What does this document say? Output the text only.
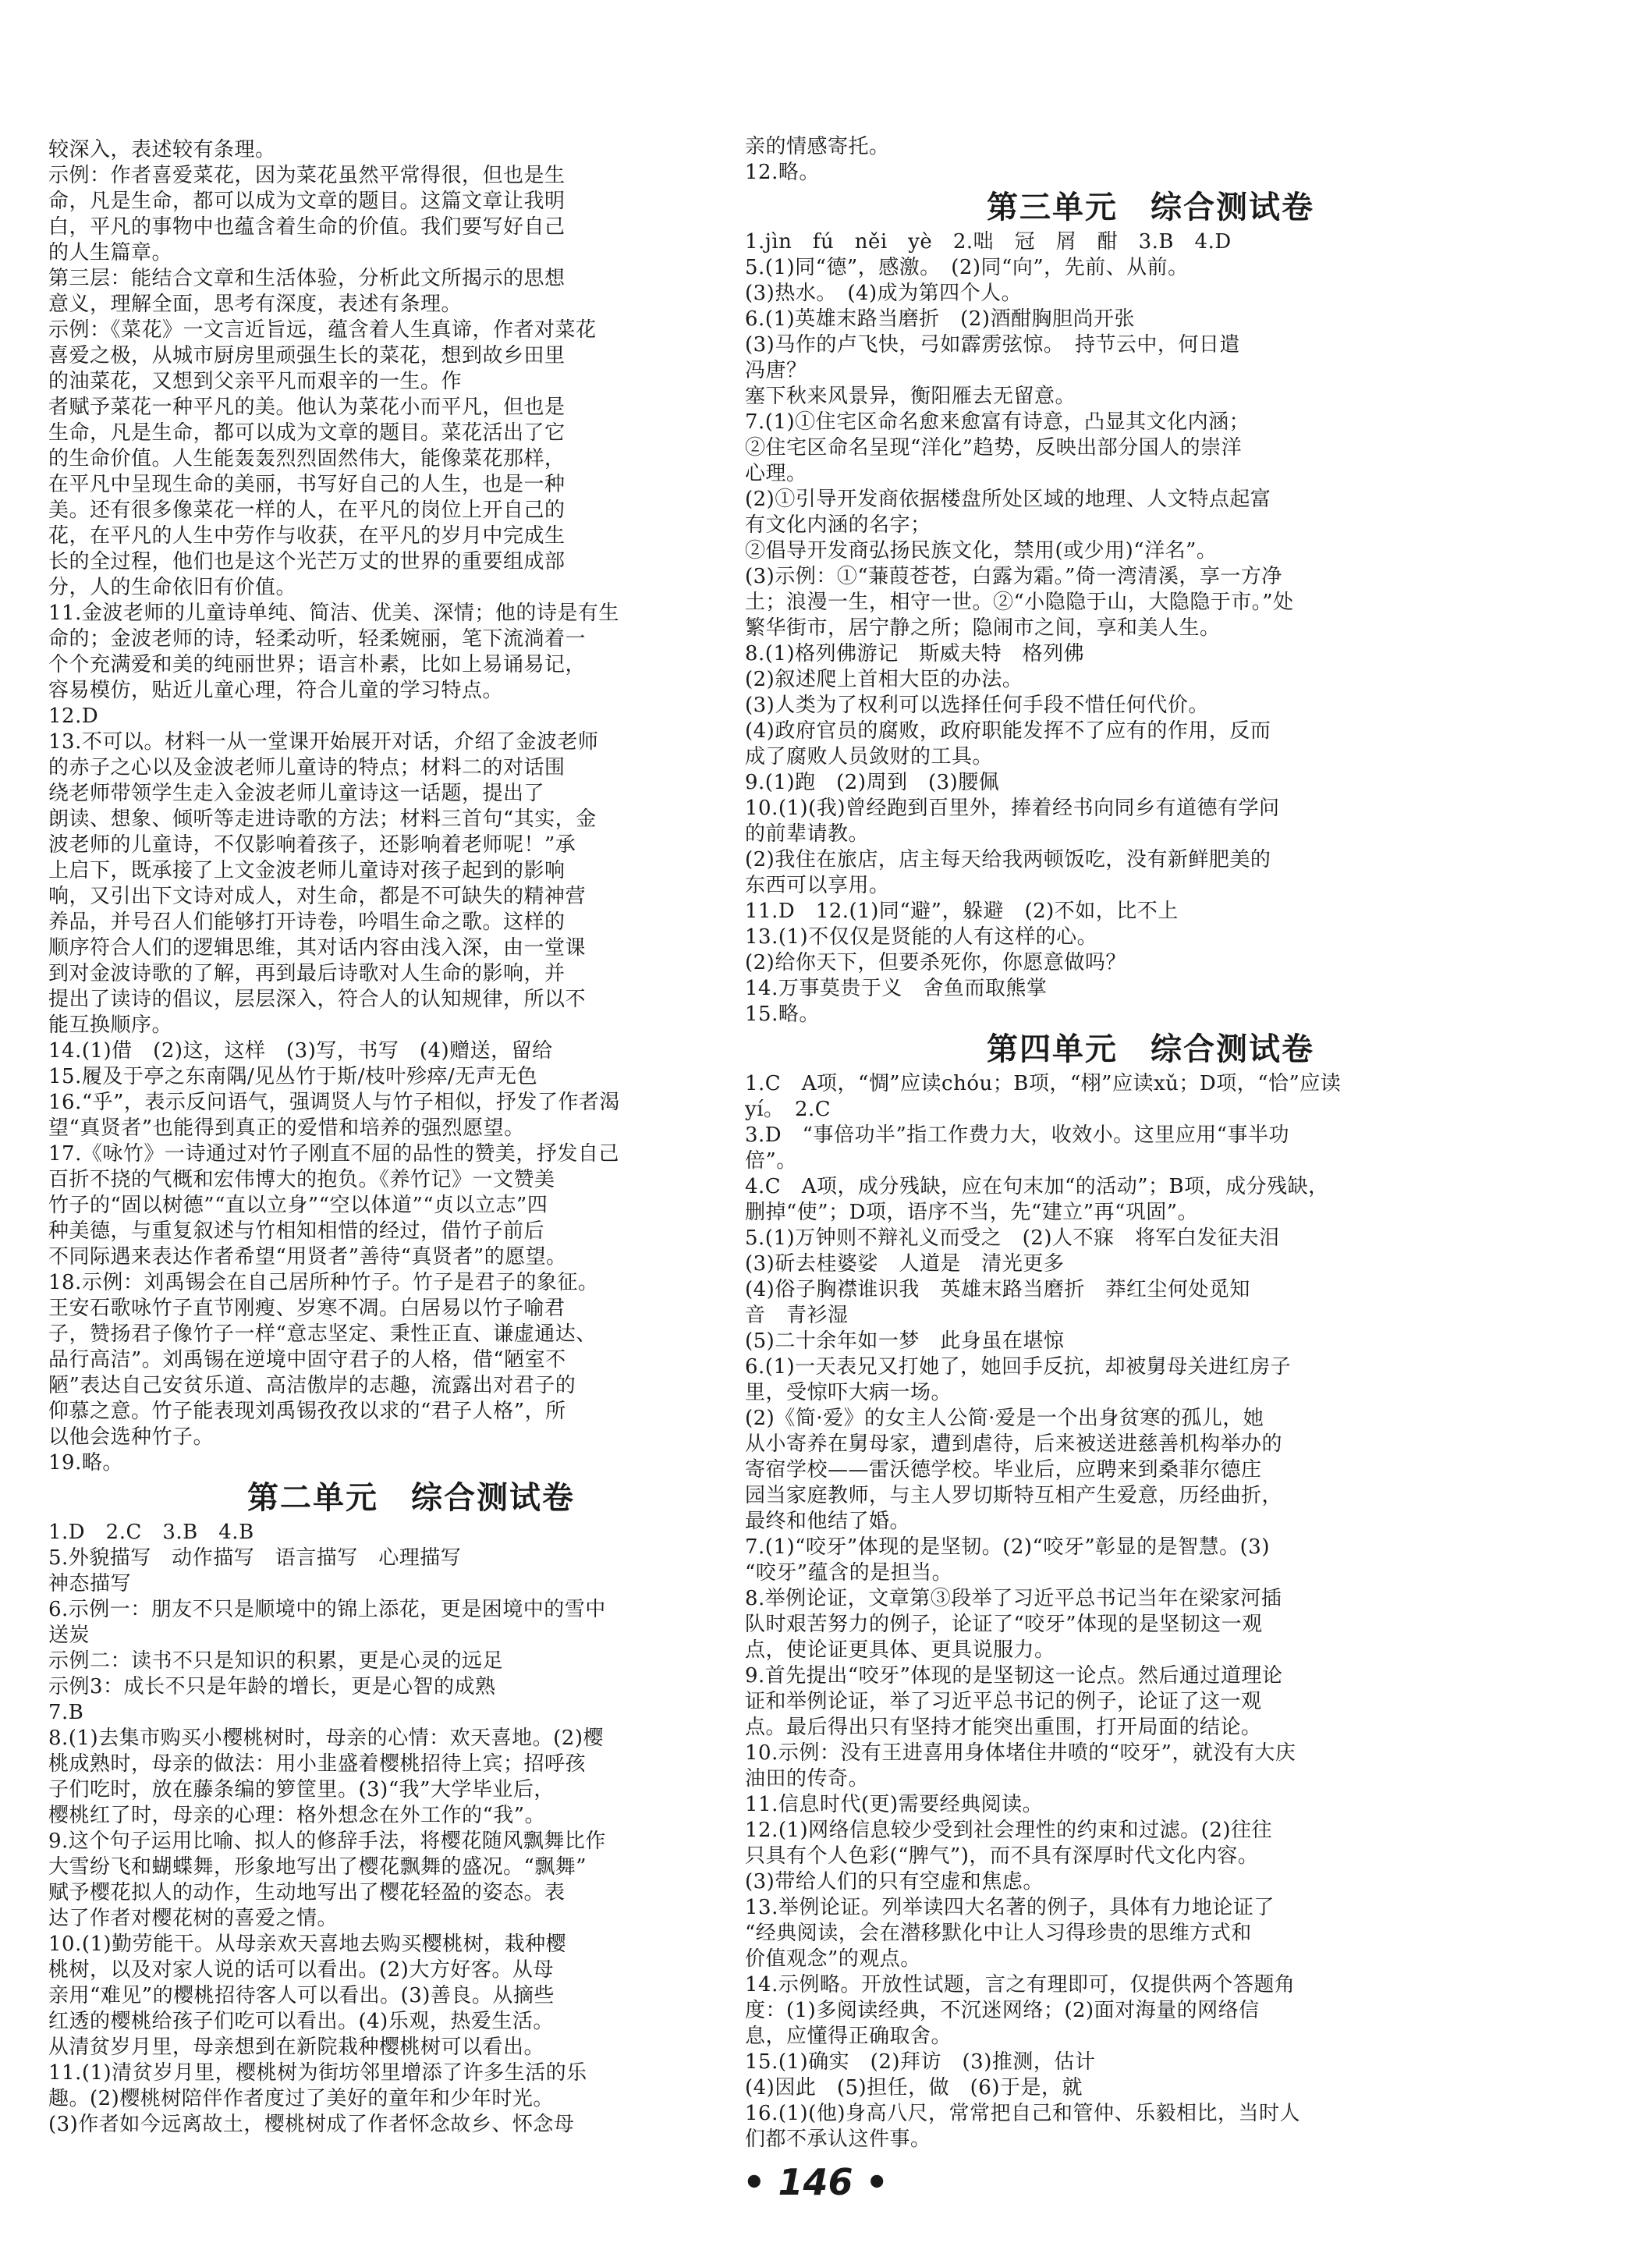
较深入，表述较有条理。
示例：作者喜爱菜花，因为菜花虽然平常得很，但也是生
命，凡是生命，都可以成为文章的题目。这篇文章让我明
白，平凡的事物中也蕴含着生命的价值。我们要写好自己
的人生篇章。
第三层：能结合文章和生活体验，分析此文所揭示的思想
意义，理解全面，思考有深度，表述有条理。
示例：《菜花》一文言近旨远，蕴含着人生真谛，作者对菜花
喜爱之极，从城市厨房里顽强生长的菜花，想到故乡田里
的油菜花，又想到父亲平凡而艰辛的一生。作
者赋予菜花一种平凡的美。他认为菜花小而平凡，但也是
生命，凡是生命，都可以成为文章的题目。菜花活出了它
的生命价值。人生能轰轰烈烈固然伟大，能像菜花那样，
在平凡中呈现生命的美丽，书写好自己的人生，也是一种
美。还有很多像菜花一样的人，在平凡的岗位上开自己的
花，在平凡的人生中劳作与收获，在平凡的岁月中完成生
长的全过程，他们也是这个光芒万丈的世界的重要组成部
分，人的生命依旧有价值。
11.金波老师的儿童诗单纯、简洁、优美、深情；他的诗是有生
命的；金波老师的诗，轻柔动听，轻柔婉丽，笔下流淌着一
个个充满爱和美的纯丽世界；语言朴素，比如上易诵易记，
容易模仿，贴近儿童心理，符合儿童的学习特点。
12.D
13.不可以。材料一从一堂课开始展开对话，介绍了金波老师
的赤子之心以及金波老师儿童诗的特点；材料二的对话围
绕老师带领学生走入金波老师儿童诗这一话题，提出了
朗读、想象、倾听等走进诗歌的方法；材料三首句“其实，金
波老师的儿童诗，不仅影响着孩子，还影响着老师呢！”承
上启下，既承接了上文金波老师儿童诗对孩子起到的影响
响，又引出下文诗对成人，对生命，都是不可缺失的精神营
养品，并号召人们能够打开诗卷，吟唱生命之歌。这样的
顺序符合人们的逻辑思维，其对话内容由浅入深，由一堂课
到对金波诗歌的了解，再到最后诗歌对人生命的影响，并
提出了读诗的倡议，层层深入，符合人的认知规律，所以不
能互换顺序。
14.(1)借　(2)这，这样　(3)写，书写　(4)赠送，留给
15.履及于亭之东南隅/见丛竹于斯/枝叶殄瘁/无声无色
16.“乎”，表示反问语气，强调贤人与竹子相似，抒发了作者渴
望“真贤者”也能得到真正的爱惜和培养的强烈愿望。
17.《咏竹》一诗通过对竹子刚直不屈的品性的赞美，抒发自己
百折不挠的气概和宏伟博大的抱负。《养竹记》一文赞美
竹子的“固以树德”“直以立身”“空以体道”“贞以立志”四
种美德，与重复叙述与竹相知相惜的经过，借竹子前后
不同际遇来表达作者希望“用贤者”善待“真贤者”的愿望。
18.示例：刘禹锡会在自己居所种竹子。竹子是君子的象征。
王安石歌咏竹子直节刚瘦、岁寒不凋。白居易以竹子喻君
子，赞扬君子像竹子一样“意志坚定、秉性正直、谦虚通达、
品行高洁”。刘禹锡在逆境中固守君子的人格，借“陋室不
陋”表达自己安贫乐道、高洁傲岸的志趣，流露出对君子的
仰慕之意。竹子能表现刘禹锡孜孜以求的“君子人格”，所
以他会选种竹子。
19.略。
第二单元　综合测试卷
1.D　2.C　3.B　4.B
5.外貌描写　动作描写　语言描写　心理描写
神态描写
6.示例一：朋友不只是顺境中的锦上添花，更是困境中的雪中
送炭
示例二：读书不只是知识的积累，更是心灵的远足
示例3：成长不只是年龄的增长，更是心智的成熟
7.B
8.(1)去集市购买小樱桃树时，母亲的心情：欢天喜地。(2)樱
桃成熟时，母亲的做法：用小韭盛着樱桃招待上宾；招呼孩
子们吃时，放在藤条编的箩筐里。(3)“我”大学毕业后，
樱桃红了时，母亲的心理：格外想念在外工作的“我”。
9.这个句子运用比喻、拟人的修辞手法，将樱花随风飘舞比作
大雪纷飞和蝴蝶舞，形象地写出了樱花飘舞的盛况。“飘舞”
赋予樱花拟人的动作，生动地写出了樱花轻盈的姿态。表
达了作者对樱花树的喜爱之情。
10.(1)勤劳能干。从母亲欢天喜地去购买樱桃树，栽种樱
桃树，以及对家人说的话可以看出。(2)大方好客。从母
亲用“难见”的樱桃招待客人可以看出。(3)善良。从摘些
红透的樱桃给孩子们吃可以看出。(4)乐观，热爱生活。
从清贫岁月里，母亲想到在新院栽种樱桃树可以看出。
11.(1)清贫岁月里，樱桃树为街坊邻里增添了许多生活的乐
趣。(2)樱桃树陪伴作者度过了美好的童年和少年时光。
(3)作者如今远离故土，樱桃树成了作者怀念故乡、怀念母
亲的情感寄托。
12.略。
第三单元　综合测试卷
1.jìn　fú　něi　yè　2.咄　冠　屑　酣　3.B　4.D
5.(1)同“德”，感激。　(2)同“向”，先前、从前。
(3)热水。　(4)成为第四个人。
6.(1)英雄末路当磨折　(2)酒酣胸胆尚开张
(3)马作的卢飞快，弓如霹雳弦惊。　持节云中，何日遣
冯唐？
塞下秋来风景异，衡阳雁去无留意。
7.(1)①住宅区命名愈来愈富有诗意，凸显其文化内涵；
②住宅区命名呈现“洋化”趋势，反映出部分国人的崇洋
心理。
(2)①引导开发商依据楼盘所处区域的地理、人文特点起富
有文化内涵的名字；
②倡导开发商弘扬民族文化，禁用(或少用)“洋名”。
(3)示例：①“蒹葭苍苍，白露为霜。”倚一湾清溪，享一方净
土；浪漫一生，相守一世。②“小隐隐于山，大隐隐于市。”处
繁华街市，居宁静之所；隐闹市之间，享和美人生。
8.(1)格列佛游记　斯威夫特　格列佛
(2)叙述爬上首相大臣的办法。
(3)人类为了权利可以选择任何手段不惜任何代价。
(4)政府官员的腐败，政府职能发挥不了应有的作用，反而
成了腐败人员敛财的工具。
9.(1)跑　(2)周到　(3)腰佩
10.(1)(我)曾经跑到百里外，捧着经书向同乡有道德有学问
的前辈请教。
(2)我住在旅店，店主每天给我两顿饭吃，没有新鲜肥美的
东西可以享用。
11.D　12.(1)同“避”，躲避　(2)不如，比不上
13.(1)不仅仅是贤能的人有这样的心。
(2)给你天下，但要杀死你，你愿意做吗？
14.万事莫贵于义　舍鱼而取熊掌
15.略。
第四单元　综合测试卷
1.C　A项，“惆”应读chóu；B项，“栩”应读xǔ；D项，“恰”应读
yí。　2.C
3.D　“事倍功半”指工作费力大，收效小。这里应用“事半功
倍”。
4.C　A项，成分残缺，应在句末加“的活动”；B项，成分残缺，
删掉“使”；D项，语序不当，先“建立”再“巩固”。
5.(1)万钟则不辩礼义而受之　(2)人不寐　将军白发征夫泪
(3)斫去桂婆娑　人道是　清光更多
(4)俗子胸襟谁识我　英雄末路当磨折　莽红尘何处觅知
音　青衫湿
(5)二十余年如一梦　此身虽在堪惊
6.(1)一天表兄又打她了，她回手反抗，却被舅母关进红房子
里，受惊吓大病一场。
(2)《简·爱》的女主人公简·爱是一个出身贫寒的孤儿，她
从小寄养在舅母家，遭到虐待，后来被送进慈善机构举办的
寄宿学校——雷沃德学校。毕业后，应聘来到桑菲尔德庄
园当家庭教师，与主人罗切斯特互相产生爱意，历经曲折，
最终和他结了婚。
7.(1)“咬牙”体现的是坚韧。(2)“咬牙”彰显的是智慧。(3)
“咬牙”蕴含的是担当。
8.举例论证，文章第③段举了习近平总书记当年在梁家河插
队时艰苦努力的例子，论证了“咬牙”体现的是坚韧这一观
点，使论证更具体、更具说服力。
9.首先提出“咬牙”体现的是坚韧这一论点。然后通过道理论
证和举例论证，举了习近平总书记的例子，论证了这一观
点。最后得出只有坚持才能突出重围，打开局面的结论。
10.示例：没有王进喜用身体堵住井喷的“咬牙”，就没有大庆
油田的传奇。
11.信息时代(更)需要经典阅读。
12.(1)网络信息较少受到社会理性的约束和过滤。(2)往往
只具有个人色彩(“脾气”)，而不具有深厚时代文化内容。
(3)带给人们的只有空虚和焦虑。
13.举例论证。列举读四大名著的例子，具体有力地论证了
“经典阅读，会在潜移默化中让人习得珍贵的思维方式和
价值观念”的观点。
14.示例略。开放性试题，言之有理即可，仅提供两个答题角
度：(1)多阅读经典，不沉迷网络；(2)面对海量的网络信
息，应懂得正确取舍。
15.(1)确实　(2)拜访　(3)推测，估计
(4)因此　(5)担任，做　(6)于是，就
16.(1)(他)身高八尺，常常把自己和管仲、乐毅相比，当时人
们都不承认这件事。
• 146 •
